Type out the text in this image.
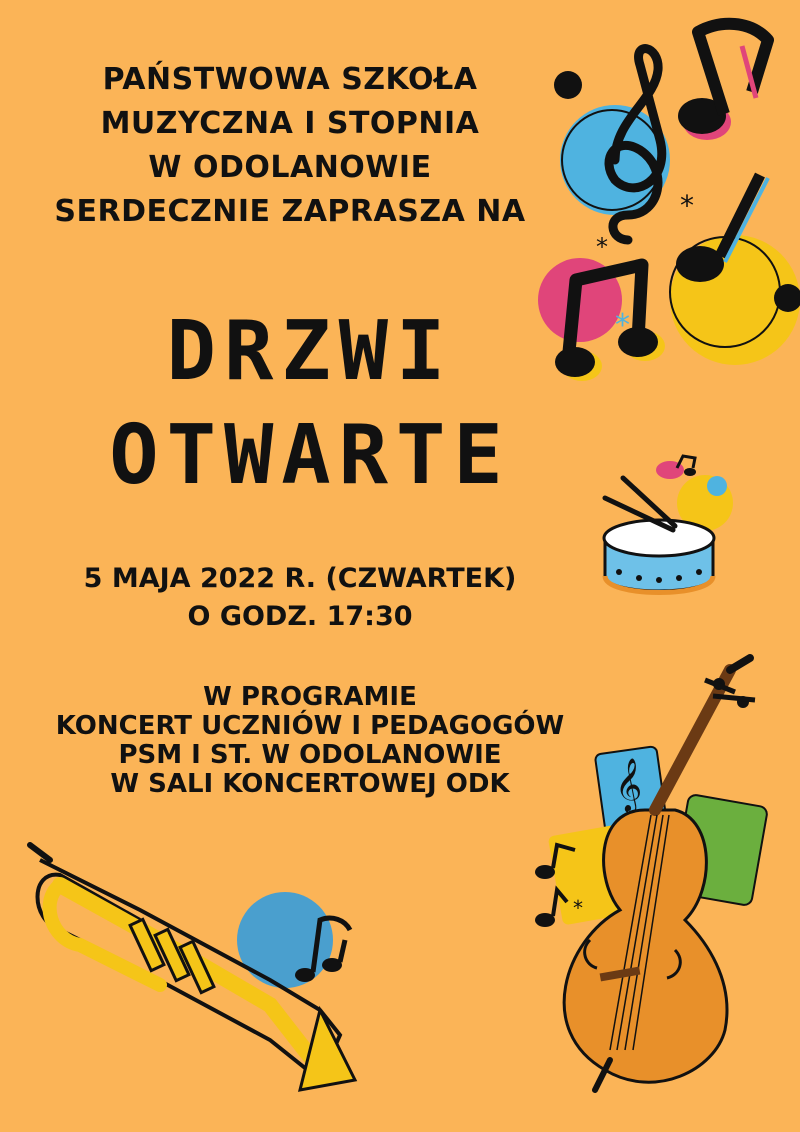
PAŃSTWOWA SZKOŁA
MUZYCZNA I STOPNIA
W ODOLANOWIE
SERDECZNIE ZAPRASZA NA
DRZWI
OTWARTE
5 MAJA 2022 R. (CZWARTEK)
O GODZ. 17:30
W PROGRAMIE
KONCERT UCZNIÓW I PEDAGOGÓW
PSM I ST. W ODOLANOWIE
W SALI KONCERTOWEJ ODK
*
*
*
𝄞
*
